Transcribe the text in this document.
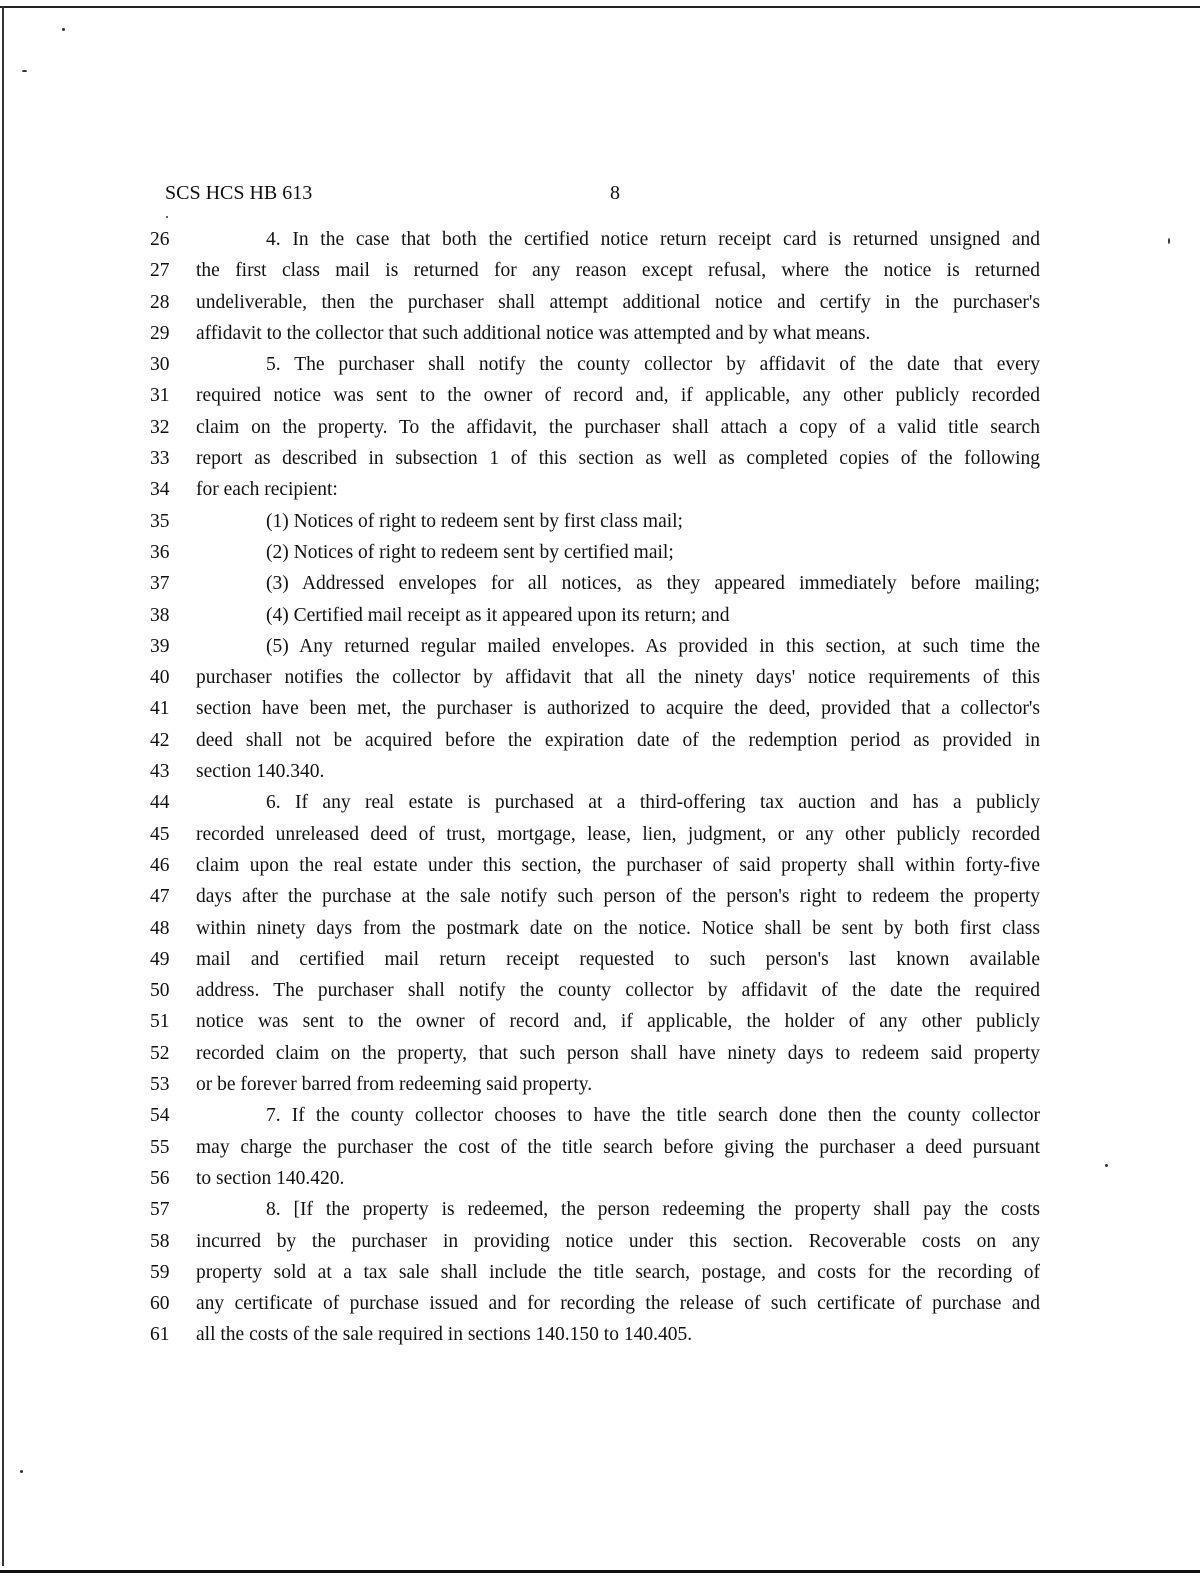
SCS HCS HB 613	8
26	4. In the case that both the certified notice return receipt card is returned unsigned and
27	the first class mail is returned for any reason except refusal, where the notice is returned
28	undeliverable, then the purchaser shall attempt additional notice and certify in the purchaser's
29	affidavit to the collector that such additional notice was attempted and by what means.
30	5. The purchaser shall notify the county collector by affidavit of the date that every
31	required notice was sent to the owner of record and, if applicable, any other publicly recorded
32	claim on the property. To the affidavit, the purchaser shall attach a copy of a valid title search
33	report as described in subsection 1 of this section as well as completed copies of the following
34	for each recipient:
35	(1) Notices of right to redeem sent by first class mail;
36	(2) Notices of right to redeem sent by certified mail;
37	(3) Addressed envelopes for all notices, as they appeared immediately before mailing;
38	(4) Certified mail receipt as it appeared upon its return; and
39	(5) Any returned regular mailed envelopes. As provided in this section, at such time the
40	purchaser notifies the collector by affidavit that all the ninety days' notice requirements of this
41	section have been met, the purchaser is authorized to acquire the deed, provided that a collector's
42	deed shall not be acquired before the expiration date of the redemption period as provided in
43	section 140.340.
44	6. If any real estate is purchased at a third-offering tax auction and has a publicly
45	recorded unreleased deed of trust, mortgage, lease, lien, judgment, or any other publicly recorded
46	claim upon the real estate under this section, the purchaser of said property shall within forty-five
47	days after the purchase at the sale notify such person of the person's right to redeem the property
48	within ninety days from the postmark date on the notice. Notice shall be sent by both first class
49	mail and certified mail return receipt requested to such person's last known available
50	address. The purchaser shall notify the county collector by affidavit of the date the required
51	notice was sent to the owner of record and, if applicable, the holder of any other publicly
52	recorded claim on the property, that such person shall have ninety days to redeem said property
53	or be forever barred from redeeming said property.
54	7. If the county collector chooses to have the title search done then the county collector
55	may charge the purchaser the cost of the title search before giving the purchaser a deed pursuant
56	to section 140.420.
57	8. [If the property is redeemed, the person redeeming the property shall pay the costs
58	incurred by the purchaser in providing notice under this section. Recoverable costs on any
59	property sold at a tax sale shall include the title search, postage, and costs for the recording of
60	any certificate of purchase issued and for recording the release of such certificate of purchase and
61	all the costs of the sale required in sections 140.150 to 140.405.
